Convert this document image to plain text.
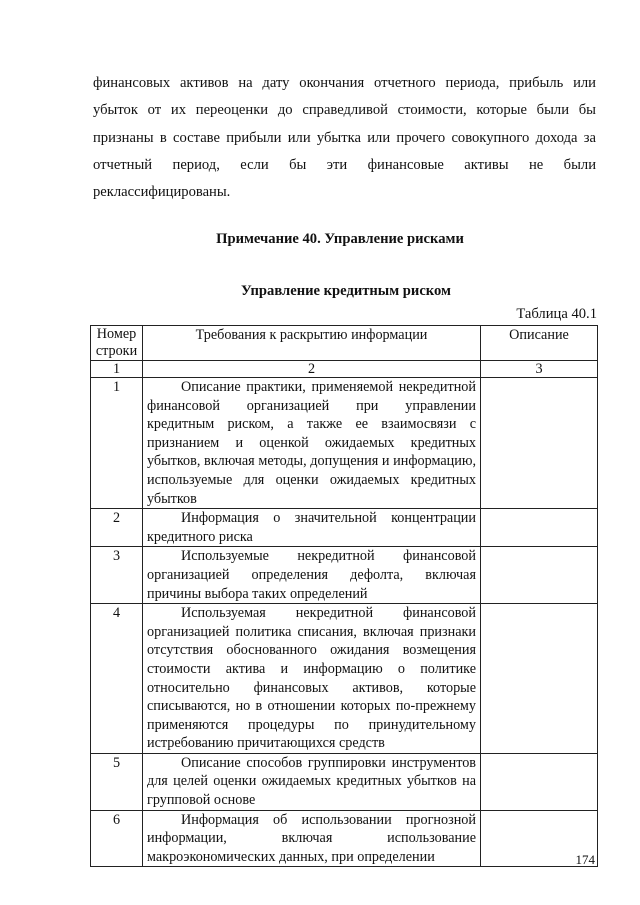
финансовых активов на дату окончания отчетного периода, прибыль или
убыток от их переоценки до справедливой стоимости, которые были бы
признаны в составе прибыли или убытка или прочего совокупного дохода за
отчетный период, если бы эти финансовые активы не были

реклассифицированы.

Примечание 40. Управление рисками
Управление кредитным риском

Таблица 40.1

Номер строки	Требования к раскрытию информации	Описание
1	2	3
1	Описание практики, применяемой некредитной финансовой организацией при управлении кредитным риском, а также ее взаимосвязи с признанием и оценкой ожидаемых кредитных убытков, включая методы, допущения и информацию, используемые для оценки ожидаемых кредитных убытков	
2	Информация о значительной концентрации кредитного риска	
3	Используемые некредитной финансовой организацией определения дефолта, включая причины выбора таких определений	
4	Используемая некредитной финансовой организацией политика списания, включая признаки отсутствия обоснованного ожидания возмещения стоимости актива и информацию о политике относительно финансовых активов, которые списываются, но в отношении которых по-прежнему применяются процедуры по принудительному истребованию причитающихся средств	
5	Описание способов группировки инструментов для целей оценки ожидаемых кредитных убытков на групповой основе	
6	Информация об использовании прогнозной информации, включая использование макроэкономических данных, при определении		174
